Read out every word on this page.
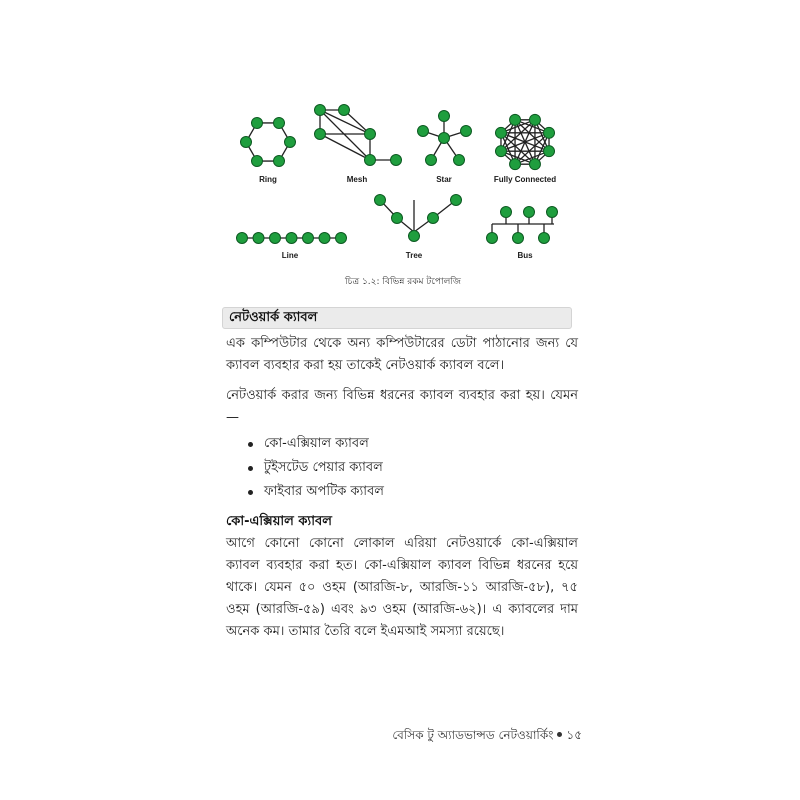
Ring	Mesh	Star	Fully Connected
Line	Tree	Bus
চিত্র ১.২: বিভিন্ন রকম টপোলজি
নেটওয়ার্ক ক্যাবল
এক কম্পিউটার থেকে অন্য কম্পিউটারের ডেটা পাঠানোর জন্য যে ক্যাবল ব্যবহার করা হয় তাকেই নেটওয়ার্ক ক্যাবল বলে।
নেটওয়ার্ক করার জন্য বিভিন্ন ধরনের ক্যাবল ব্যবহার করা হয়। যেমন—
কো-এক্সিয়াল ক্যাবল
টুইসটেড পেয়ার ক্যাবল
ফাইবার অপটিক ক্যাবল
কো-এক্সিয়াল ক্যাবল
আগে কোনো কোনো লোকাল এরিয়া নেটওয়ার্কে কো-এক্সিয়াল ক্যাবল ব্যবহার করা হত। কো-এক্সিয়াল ক্যাবল বিভিন্ন ধরনের হয়ে থাকে। যেমন ৫০ ওহম (আরজি-৮, আরজি-১১ আরজি-৫৮), ৭৫ ওহম (আরজি-৫৯) এবং ৯৩ ওহম (আরজি-৬২)। এ ক্যাবলের দাম অনেক কম। তামার তৈরি বলে ইএমআই সমস্যা রয়েছে।
বেসিক টু অ্যাডভান্সড নেটওয়ার্কিং ১৫
